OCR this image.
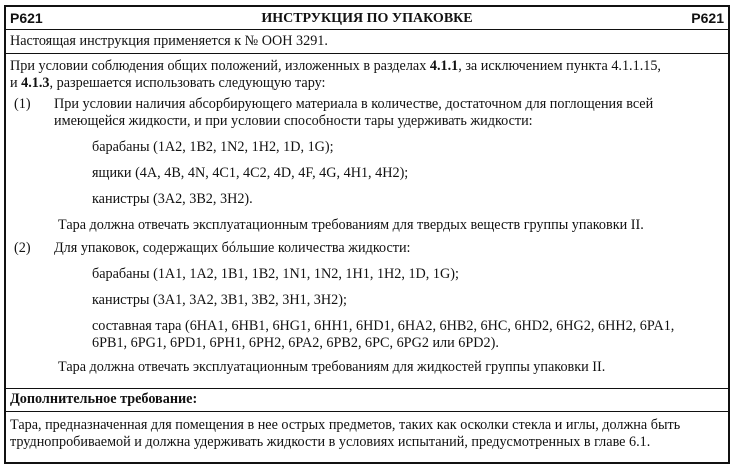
P621	ИНСТРУКЦИЯ ПО УПАКОВКЕ	P621

Настоящая инструкция применяется к № ООН 3291.

При условии соблюдения общих положений, изложенных в разделах 4.1.1, за исключением пункта 4.1.1.15,
и 4.1.3, разрешается использовать следующую тару:

(1) При условии наличия абсорбирующего материала в количестве, достаточном для поглощения всей

имеющейся жидкости, и при условии способности тары удерживать жидкости:

барабаны (1A2, 1B2, 1N2, 1H2, 1D, 1G);

ящики (4A, 4B, 4N, 4C1, 4C2, 4D, 4F, 4G, 4H1, 4H2);

канистры (3A2, 3B2, 3H2).

Тара должна отвечать эксплуатационным требованиям для твердых веществ группы упаковки II.

(2) Для упаковок, содержащих бóльшие количества жидкости:

барабаны (1A1, 1A2, 1B1, 1B2, 1N1, 1N2, 1H1, 1H2, 1D, 1G);

канистры (3A1, 3A2, 3B1, 3B2, 3H1, 3H2);

составная тара (6HA1, 6HB1, 6HG1, 6HH1, 6HD1, 6HA2, 6HB2, 6HC, 6HD2, 6HG2, 6HH2, 6PA1,

6PB1, 6PG1, 6PD1, 6PH1, 6PH2, 6PA2, 6PB2, 6PC, 6PG2 или 6PD2).

Тара должна отвечать эксплуатационным требованиям для жидкостей группы упаковки II.

Дополнительное требование:

Тара, предназначенная для помещения в нее острых предметов, таких как осколки стекла и иглы, должна быть

труднопробиваемой и должна удерживать жидкости в условиях испытаний, предусмотренных в главе 6.1.
